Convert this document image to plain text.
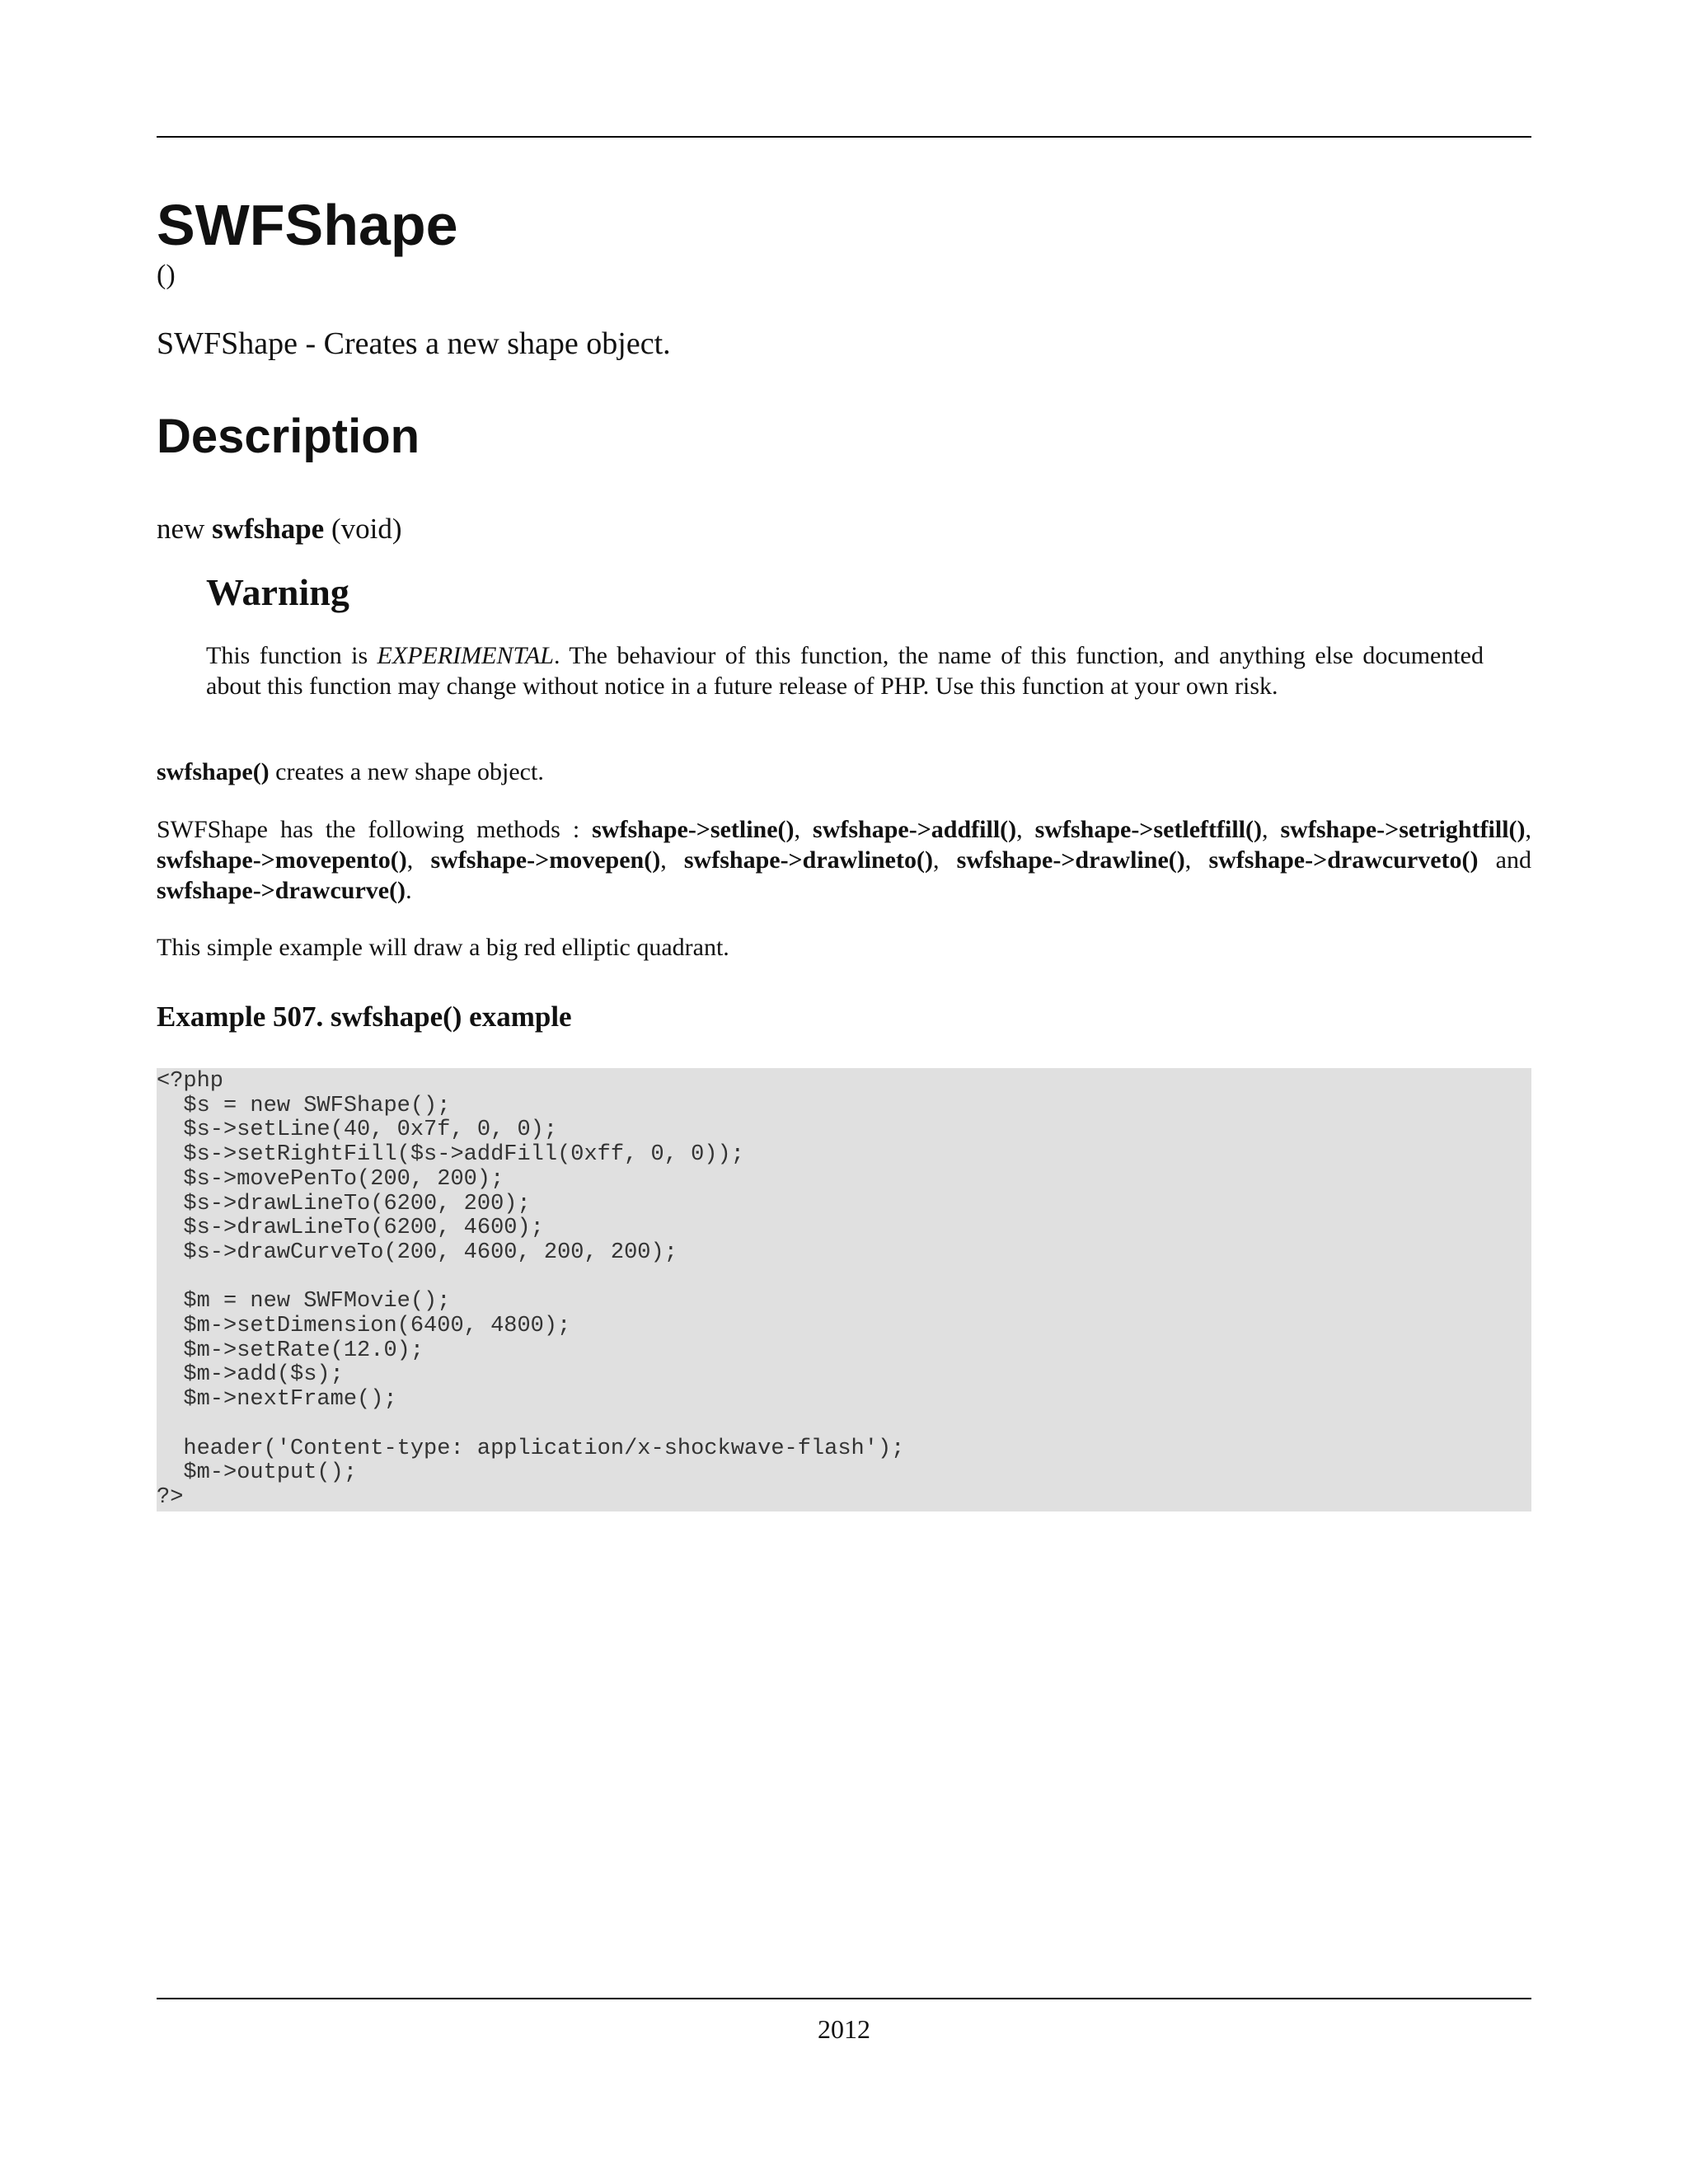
SWFShape
()
SWFShape - Creates a new shape object.
Description
new swfshape (void)
Warning

This function is EXPERIMENTAL. The behaviour of this function, the name of this function, and anything else documented about this function may change without notice in a future release of PHP. Use this function at your own risk.

swfshape() creates a new shape object.

SWFShape has the following methods : swfshape->setline(), swfshape->addfill(), swfshape->setleftfill(), swfshape->setrightfill(), swfshape->movepento(), swfshape->movepen(), swfshape->drawlineto(), swfshape->drawline(), swfshape->drawcurveto() and swfshape->drawcurve().

This simple example will draw a big red elliptic quadrant.

Example 507. swfshape() example
<?php
$s = new SWFShape();
$s->setLine(40, 0x7f, 0, 0);
$s->setRightFill($s->addFill(0xff, 0, 0));
$s->movePenTo(200, 200);
$s->drawLineTo(6200, 200);
$s->drawLineTo(6200, 4600);
$s->drawCurveTo(200, 4600, 200, 200);

$m = new SWFMovie();
$m->setDimension(6400, 4800);
$m->setRate(12.0);
$m->add($s);
$m->nextFrame();

header('Content-type: application/x-shockwave-flash');
$m->output();
?>
2012
